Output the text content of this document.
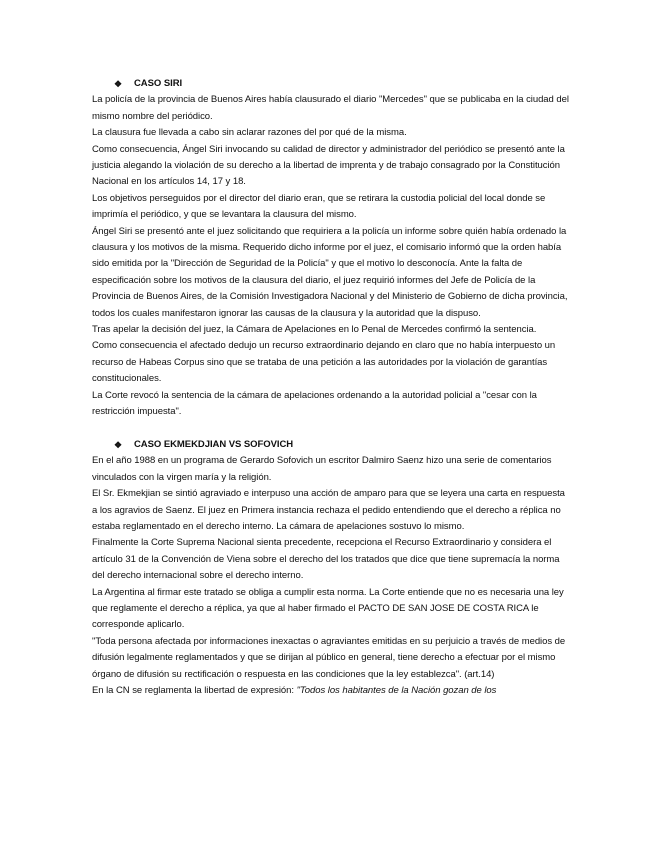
❖	CASO SIRI

La policía de la provincia de Buenos Aires había clausurado el diario "Mercedes" que se publicaba en la ciudad del mismo nombre del periódico.

La clausura fue llevada a cabo sin aclarar razones del por qué de la misma.

Como consecuencia, Ángel Siri invocando su calidad de director y administrador del periódico se presentó ante la justicia alegando la violación de su derecho a la libertad de imprenta y de trabajo consagrado por la Constitución Nacional en los artículos 14, 17 y 18.

Los objetivos perseguidos por el director del diario eran, que se retirara la custodia policial del local donde se imprimía el periódico, y que se levantara la clausura del mismo.

Ángel Siri se presentó ante el juez solicitando que requiriera a la policía un informe sobre quién había ordenado la clausura y los motivos de la misma. Requerido dicho informe por el juez, el comisario informó que la orden había sido emitida por la "Dirección de Seguridad de la Policía" y que el motivo lo desconocía. Ante la falta de especificación sobre los motivos de la clausura del diario, el juez requirió informes del Jefe de Policía de la Provincia de Buenos Aires, de la Comisión Investigadora Nacional y del Ministerio de Gobierno de dicha provincia, todos los cuales manifestaron ignorar las causas de la clausura y la autoridad que la dispuso.

Tras apelar la decisión del juez, la Cámara de Apelaciones en lo Penal de Mercedes confirmó la sentencia.

Como consecuencia el afectado dedujo un recurso extraordinario dejando en claro que no había interpuesto un recurso de Habeas Corpus sino que se trataba de una petición a las autoridades por la violación de garantías constitucionales.

La Corte revocó la sentencia de la cámara de apelaciones ordenando a la autoridad policial a "cesar con la restricción impuesta".

❖	CASO EKMEKDJIAN VS SOFOVICH

En el año 1988 en un programa de Gerardo Sofovich un escritor Dalmiro Saenz hizo una serie de comentarios vinculados con la virgen maría y la religión.

El Sr. Ekmekjian se sintió agraviado e interpuso una acción de amparo para que se leyera una carta en respuesta a los agravios de Saenz. El juez en Primera instancia rechaza el pedido entendiendo que el derecho a réplica no estaba reglamentado en el derecho interno. La cámara de apelaciones sostuvo lo mismo.

Finalmente la Corte Suprema Nacional sienta precedente, recepciona el Recurso Extraordinario y considera el artículo 31 de la Convención de Viena sobre el derecho del los tratados que dice que tiene supremacía la norma del derecho internacional sobre el derecho interno.

La Argentina al firmar este tratado se obliga a cumplir esta norma. La Corte entiende que no es necesaria una ley que reglamente el derecho a réplica, ya que al haber firmado el PACTO DE SAN JOSE DE COSTA RICA le corresponde aplicarlo.

"Toda persona afectada por informaciones inexactas o agraviantes emitidas en su perjuicio a través de medios de difusión legalmente reglamentados y que se dirijan al público en general, tiene derecho a efectuar por el mismo órgano de difusión su rectificación o respuesta en las condiciones que la ley establezca". (art.14)

En la CN se reglamenta la libertad de expresión: "Todos los habitantes de la Nación gozan de los
